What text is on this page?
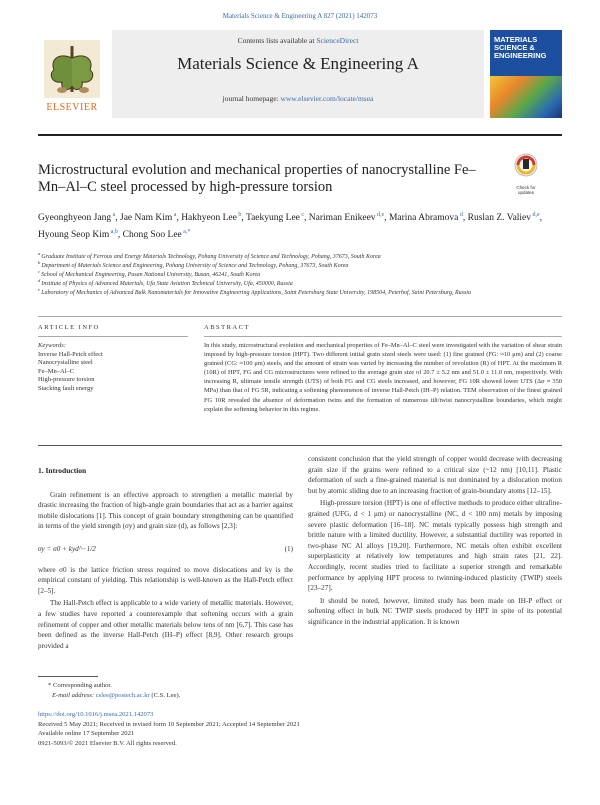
Materials Science & Engineering A 827 (2021) 142073
ELSEVIER
Contents lists available at ScienceDirect
Materials Science & Engineering A
journal homepage: www.elsevier.com/locate/msea
MATERIALS SCIENCE & ENGINEERING
Microstructural evolution and mechanical properties of nanocrystalline Fe–Mn–Al–C steel processed by high-pressure torsion	Check for updates
Gyeonghyeon Jang $^a$, Jae Nam Kim $^a$, Hakhyeon Lee $^b$, Taekyung Lee $^c$, Nariman Enikeev $^{d,e}$, Marina Abramova $^d$, Ruslan Z. Valiev $^{d,e}$, Hyoung Seop Kim $^{a,b}$, Chong Soo Lee $^{a,*}$
$^a$ Graduate Institute of Ferrous and Energy Materials Technology, Pohang University of Science and Technology, Pohang, 37673, South Korea
$^b$ Department of Materials Science and Engineering, Pohang University of Science and Technology, Pohang, 37673, South Korea
$^c$ School of Mechanical Engineering, Pusan National University, Busan, 46241, South Korea
$^d$ Institute of Physics of Advanced Materials, Ufa State Aviation Technical University, Ufa, 450000, Russia
$^e$ Laboratory of Mechanics of Advanced Bulk Nanomaterials for Innovative Engineering Applications, Saint Petersburg State University, 198504, Peterhof, Saint Petersburg, Russia
ARTICLE INFO	ABSTRACT
Keywords:
Inverse Hall-Petch effect
Nanocrystalline steel
Fe–Mn–Al–C
High-pressure torsion
Stacking fault energy
In this study, microstructural evolution and mechanical properties of Fe–Mn–Al–C steel were investigated with the variation of shear strain imposed by high-pressure torsion (HPT). Two different initial grain sized steels were used: (1) fine grained (FG: ≈10 μm) and (2) coarse grained (CG: ≈100 μm) steels, and the amount of strain was varied by increasing the number of revolution (R) of HPT. At the maximum R (10R) of HPT, FG and CG microstructures were refined to the average grain size of 20.7 ± 5.2 nm and 51.0 ± 11.0 nm, respectively. With increasing R, ultimate tensile strength (UTS) of both FG and CG steels increased, and however, FG 10R showed lower UTS (Δσ ≈ 350 MPa) than that of FG 5R, indicating a softening phenomenon of inverse Hall-Petch (IH–P) relation. TEM observation of the finest grained FG 10R revealed the absence of deformation twins and the formation of numerous tilt/twist nanocrystalline boundaries, which might explain the softening behavior in this regime.
1. Introduction

Grain refinement is an effective approach to strengthen a metallic material by drastic increasing the fraction of high-angle grain boundaries that act as a barrier against mobile dislocations [1]. This concept of grain boundary strengthening can be quantified in terms of the yield strength (σy) and grain size (d), as follows [2,3]:

σy = σ0 + kyd^−1/2	(1)

where σ0 is the lattice friction stress required to move dislocations and ky is the empirical constant of yielding. This relationship is well-known as the Hall-Petch effect [2–5].

The Hall-Petch effect is applicable to a wide variety of metallic materials. However, a few studies have reported a counterexample that softening occurs with a grain refinement of copper and other metallic materials below tens of nm [6,7]. This case has been defined as the inverse Hall-Petch (IH–P) effect [8,9]. Other research groups provided a

consistent conclusion that the yield strength of copper would decrease with decreasing grain size if the grains were refined to a critical size (~12 nm) [10,11]. Plastic deformation of such a fine-grained material is not dominated by a dislocation motion but by atomic sliding due to an increasing fraction of grain-boundary atoms [12–15].

High-pressure torsion (HPT) is one of effective methods to produce either ultrafine-grained (UFG, d < 1 μm) or nanocrystalline (NC, d < 100 nm) metals by imposing severe plastic deformation [16–18]. NC metals typically possess high strength and brittle nature with a limited ductility. However, a substantial ductility was reported in two-phase NC Al alloys [19,20]. Furthermore, NC metals often exhibit excellent superplasticity at relatively low temperatures and high strain rates [21, 22]. Accordingly, recent studies tried to facilitate a superior strength and remarkable performance by applying HPT process to twinning-induced plasticity (TWIP) steels [23–27].

It should be noted, however, limited study has been made on IH-P effect or softening effect in bulk NC TWIP steels produced by HPT in spite of its potential significance in the industrial application. It is known

* Corresponding author.
E-mail address: cslee@postech.ac.kr (C.S. Lee).
https://doi.org/10.1016/j.msea.2021.142073
Received 5 May 2021; Received in revised form 10 September 2021; Accepted 14 September 2021
Available online 17 September 2021
0921-5093/© 2021 Elsevier B.V. All rights reserved.
